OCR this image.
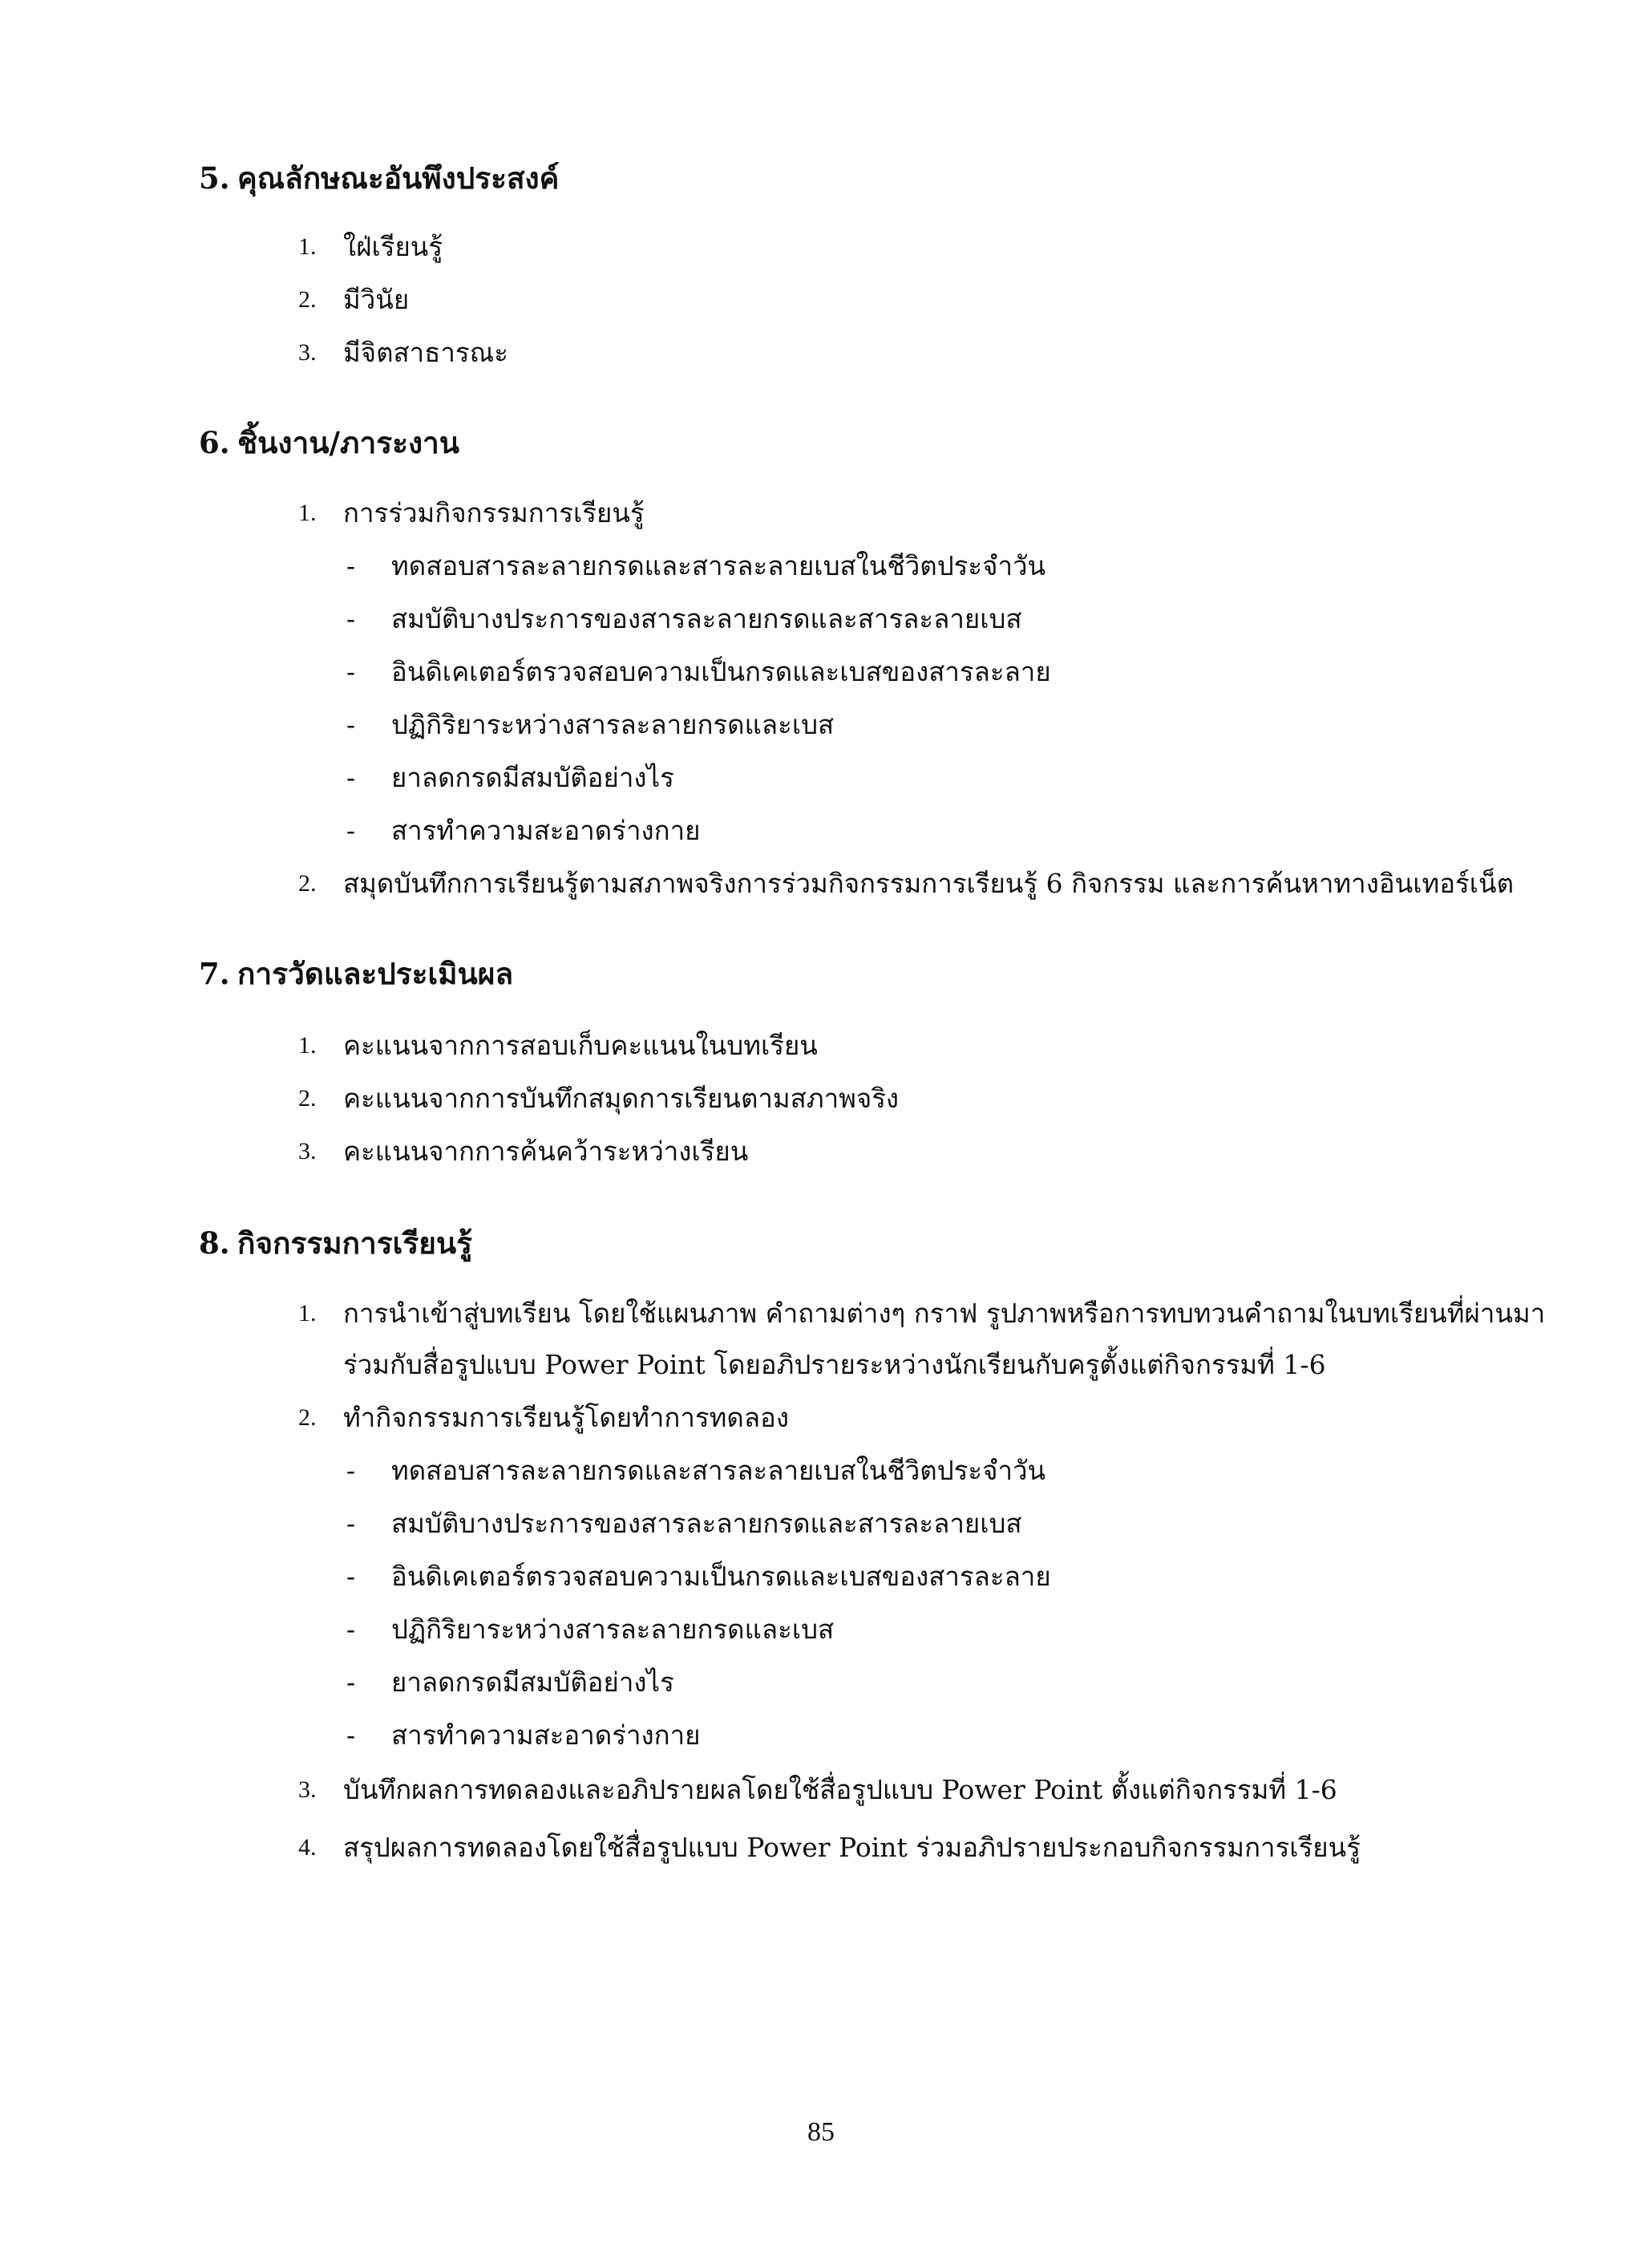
5. คุณลักษณะอันพึงประสงค์
1. ใฝ่เรียนรู้
2. มีวินัย
3. มีจิตสาธารณะ
6. ชิ้นงาน/ภาระงาน
1. การร่วมกิจกรรมการเรียนรู้
- ทดสอบสารละลายกรดและสารละลายเบสในชีวิตประจำวัน
- สมบัติบางประการของสารละลายกรดและสารละลายเบส
- อินดิเคเตอร์ตรวจสอบความเป็นกรดและเบสของสารละลาย
- ปฏิกิริยาระหว่างสารละลายกรดและเบส
- ยาลดกรดมีสมบัติอย่างไร
- สารทำความสะอาดร่างกาย
2. สมุดบันทึกการเรียนรู้ตามสภาพจริงการร่วมกิจกรรมการเรียนรู้ 6 กิจกรรม และการค้นหาทางอินเทอร์เน็ต
7. การวัดและประเมินผล
1. คะแนนจากการสอบเก็บคะแนนในบทเรียน
2. คะแนนจากการบันทึกสมุดการเรียนตามสภาพจริง
3. คะแนนจากการค้นคว้าระหว่างเรียน
8. กิจกรรมการเรียนรู้
1. การนำเข้าสู่บทเรียน โดยใช้แผนภาพ คำถามต่างๆ กราฟ รูปภาพหรือการทบทวนคำถามในบทเรียนที่ผ่านมาร่วมกับสื่อรูปแบบ Power Point โดยอภิปรายระหว่างนักเรียนกับครูตั้งแต่กิจกรรมที่ 1-6
2. ทำกิจกรรมการเรียนรู้โดยทำการทดลอง
- ทดสอบสารละลายกรดและสารละลายเบสในชีวิตประจำวัน
- สมบัติบางประการของสารละลายกรดและสารละลายเบส
- อินดิเคเตอร์ตรวจสอบความเป็นกรดและเบสของสารละลาย
- ปฏิกิริยาระหว่างสารละลายกรดและเบส
- ยาลดกรดมีสมบัติอย่างไร
- สารทำความสะอาดร่างกาย
3. บันทึกผลการทดลองและอภิปรายผลโดยใช้สื่อรูปแบบ Power Point ตั้งแต่กิจกรรมที่ 1-6
4. สรุปผลการทดลองโดยใช้สื่อรูปแบบ Power Point ร่วมอภิปรายประกอบกิจกรรมการเรียนรู้
85
